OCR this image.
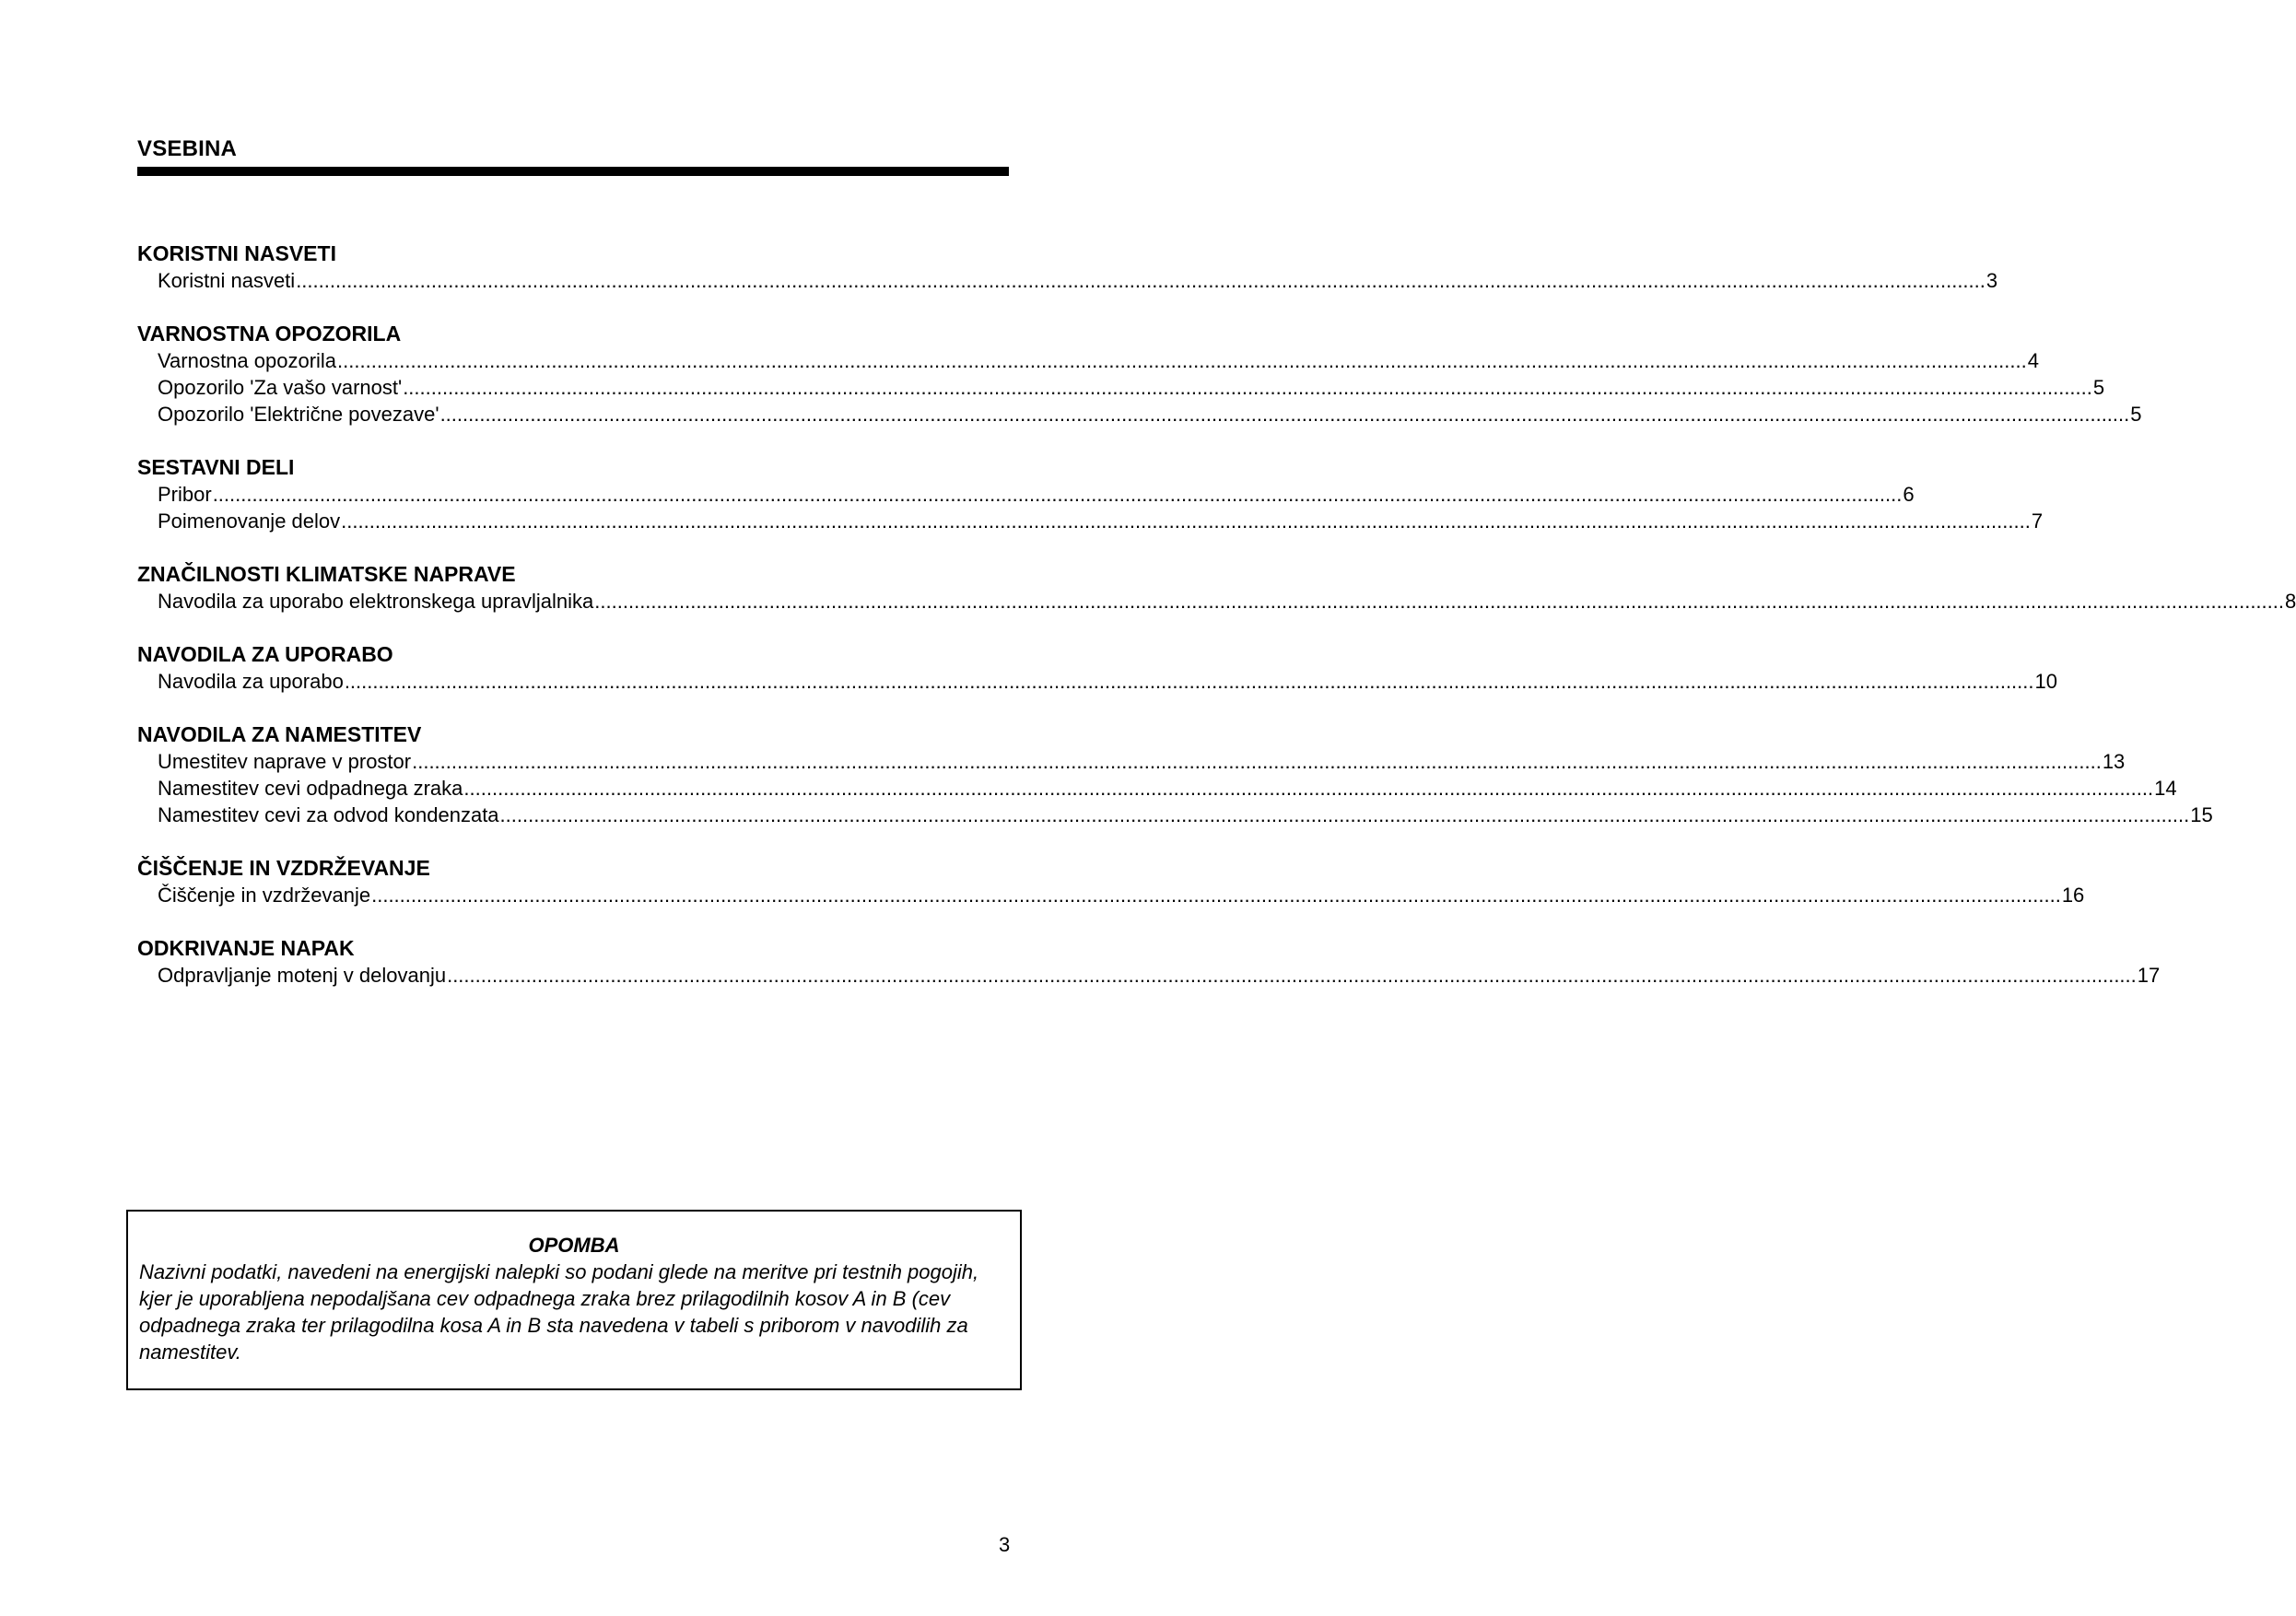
VSEBINA
KORISTNI NASVETI
Koristni nasveti ............................................................................................................................................................................................................................................................................................................ 3
VARNOSTNA OPOZORILA
Varnostna opozorila ............................................................................................................................................................................................................................................................................................................ 4
Opozorilo 'Za vašo varnost' ............................................................................................................................................................................................................................................................................................................ 5
Opozorilo 'Električne povezave' ............................................................................................................................................................................................................................................................................................................ 5
SESTAVNI DELI
Pribor ............................................................................................................................................................................................................................................................................................................ 6
Poimenovanje delov ............................................................................................................................................................................................................................................................................................................ 7
ZNAČILNOSTI KLIMATSKE NAPRAVE
Navodila za uporabo elektronskega upravljalnika ............................................................................................................................................................................................................................................................................................................ 8
NAVODILA ZA UPORABO
Navodila za uporabo ............................................................................................................................................................................................................................................................................................................ 10
NAVODILA ZA NAMESTITEV
Umestitev naprave v prostor ............................................................................................................................................................................................................................................................................................................ 13
Namestitev cevi odpadnega zraka ............................................................................................................................................................................................................................................................................................................ 14
Namestitev cevi za odvod kondenzata ............................................................................................................................................................................................................................................................................................................ 15
ČIŠČENJE IN VZDRŽEVANJE
Čiščenje in vzdrževanje ............................................................................................................................................................................................................................................................................................................ 16
ODKRIVANJE NAPAK
Odpravljanje motenj v delovanju ............................................................................................................................................................................................................................................................................................................ 17
OPOMBA
Nazivni podatki, navedeni na energijski nalepki so podani glede na meritve pri testnih pogojih, kjer je uporabljena nepodaljšana cev odpadnega zraka brez prilagodilnih kosov A in B (cev odpadnega zraka ter prilagodilna kosa A in B sta navedena v tabeli s priborom v navodilih za namestitev.
3
